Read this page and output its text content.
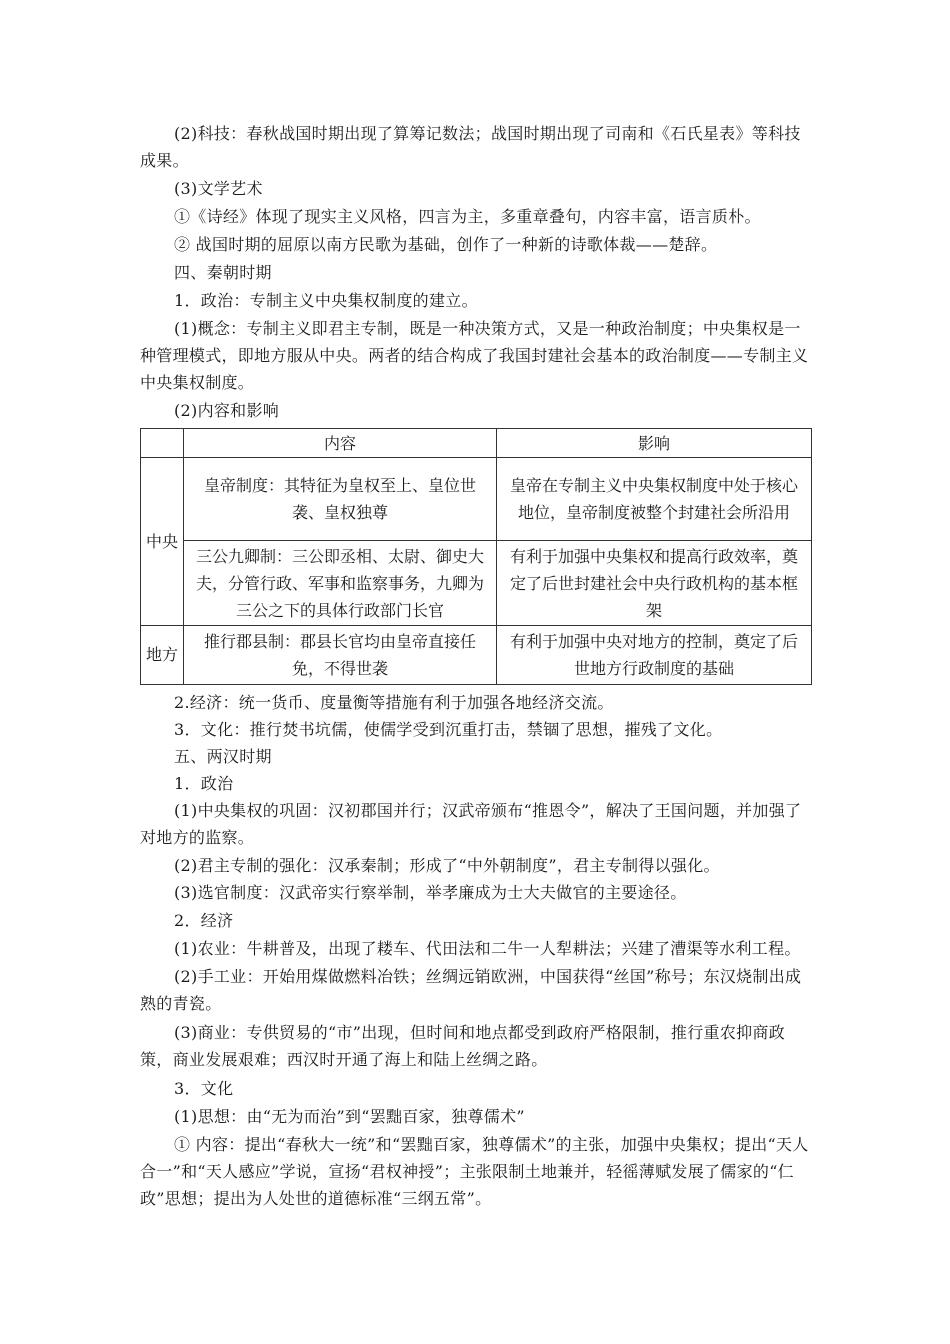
(2)科技：春秋战国时期出现了算筹记数法；战国时期出现了司南和《石氏星表》等科技成果。

(3)文学艺术

①《诗经》体现了现实主义风格，四言为主，多重章叠句，内容丰富，语言质朴。

② 战国时期的屈原以南方民歌为基础，创作了一种新的诗歌体裁——楚辞。

四、秦朝时期

1．政治：专制主义中央集权制度的建立。

(1)概念：专制主义即君主专制，既是一种决策方式，又是一种政治制度；中央集权是一种管理模式，即地方服从中央。两者的结合构成了我国封建社会基本的政治制度——专制主义中央集权制度。

(2)内容和影响

	内容	影响
中央	皇帝制度：其特征为皇权至上、皇位世袭、皇权独尊	皇帝在专制主义中央集权制度中处于核心地位，皇帝制度被整个封建社会所沿用
	三公九卿制：三公即丞相、太尉、御史大夫，分管行政、军事和监察事务，九卿为三公之下的具体行政部门长官	有利于加强中央集权和提高行政效率，奠定了后世封建社会中央行政机构的基本框架
地方	推行郡县制：郡县长官均由皇帝直接任免，不得世袭	有利于加强中央对地方的控制，奠定了后世地方行政制度的基础

2.经济：统一货币、度量衡等措施有利于加强各地经济交流。

3．文化：推行焚书坑儒，使儒学受到沉重打击，禁锢了思想，摧残了文化。

五、两汉时期

1．政治

(1)中央集权的巩固：汉初郡国并行；汉武帝颁布“推恩令”，解决了王国问题，并加强了对地方的监察。

(2)君主专制的强化：汉承秦制；形成了“中外朝制度”，君主专制得以强化。

(3)选官制度：汉武帝实行察举制，举孝廉成为士大夫做官的主要途径。

2．经济

(1)农业：牛耕普及，出现了耧车、代田法和二牛一人犁耕法；兴建了漕渠等水利工程。

(2)手工业：开始用煤做燃料冶铁；丝绸远销欧洲，中国获得“丝国”称号；东汉烧制出成熟的青瓷。

(3)商业：专供贸易的“市”出现，但时间和地点都受到政府严格限制，推行重农抑商政策，商业发展艰难；西汉时开通了海上和陆上丝绸之路。

3．文化

(1)思想：由“无为而治”到“罢黜百家，独尊儒术”

① 内容：提出“春秋大一统”和“罢黜百家，独尊儒术”的主张，加强中央集权；提出“天人合一”和“天人感应”学说，宣扬“君权神授”；主张限制土地兼并，轻徭薄赋发展了儒家的“仁政”思想；提出为人处世的道德标准“三纲五常”。
